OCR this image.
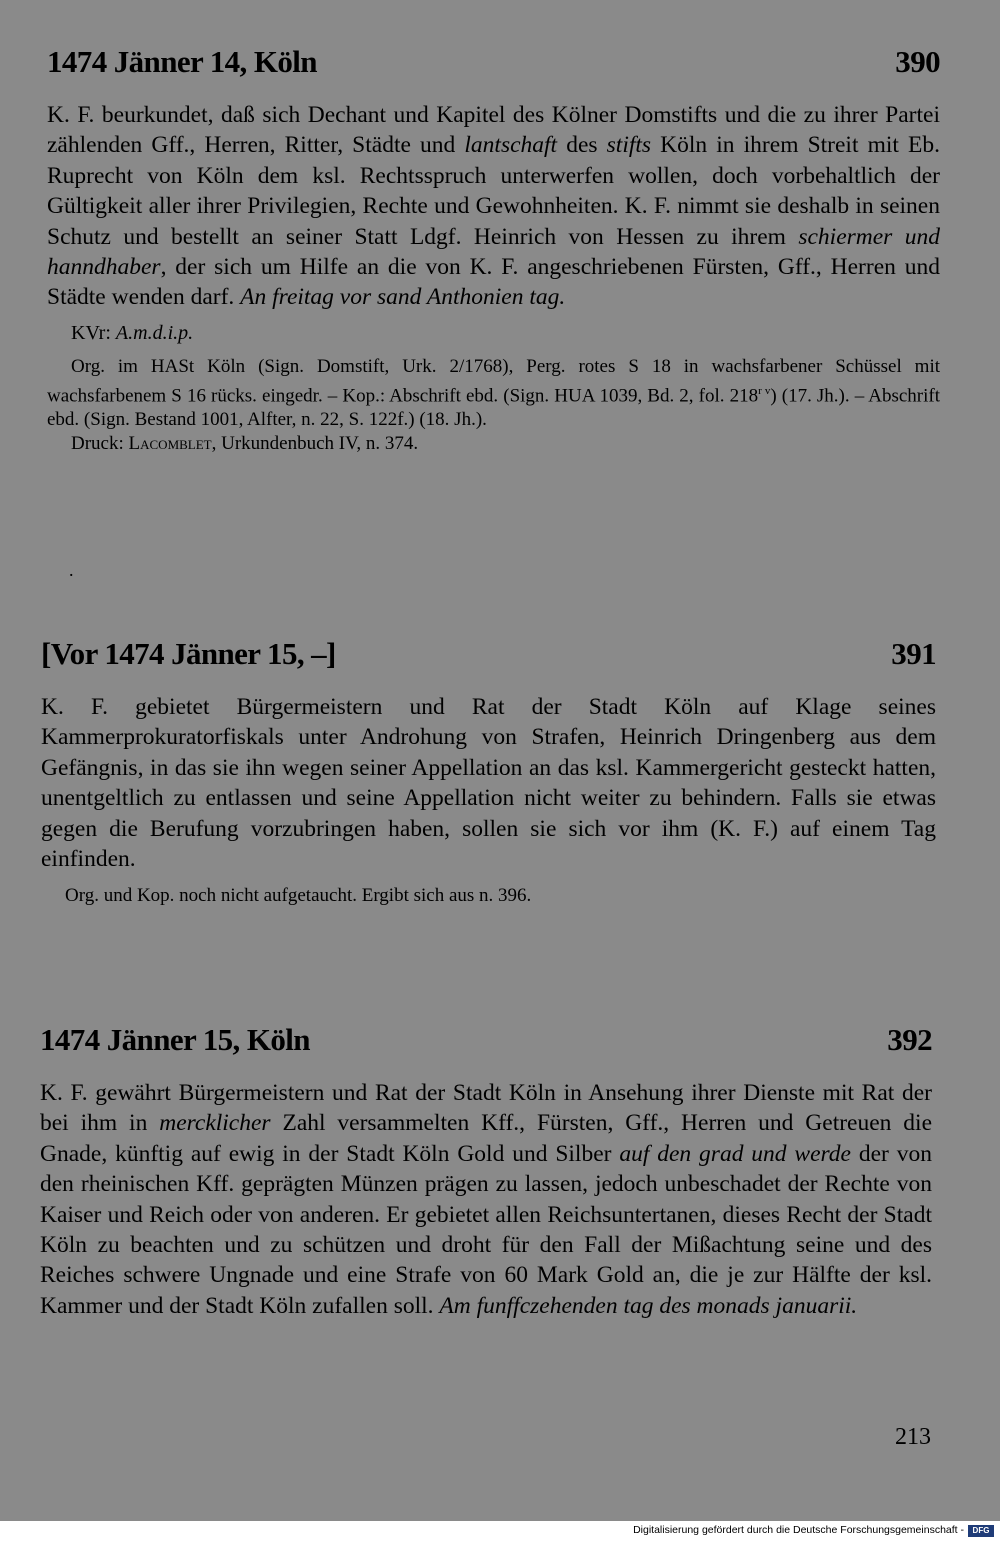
1474 Jänner 14, Köln	390

K. F. beurkundet, daß sich Dechant und Kapitel des Kölner Domstifts und die zu ihrer Partei zählenden Gff., Herren, Ritter, Städte und lantschaft des stifts Köln in ihrem Streit mit Eb. Ruprecht von Köln dem ksl. Rechtsspruch unterwerfen wollen, doch vorbehaltlich der Gültigkeit aller ihrer Privilegien, Rechte und Gewohnheiten. K. F. nimmt sie deshalb in seinen Schutz und bestellt an seiner Statt Ldgf. Heinrich von Hessen zu ihrem schiermer und hanndhaber, der sich um Hilfe an die von K. F. angeschriebenen Fürsten, Gff., Herren und Städte wenden darf. An freitag vor sand Anthonien tag.

KVr: A.m.d.i.p.

Org. im HASt Köln (Sign. Domstift, Urk. 2/1768), Perg. rotes S 18 in wachsfarbener Schüssel mit wachsfarbenem S 16 rücks. eingedr. – Kop.: Abschrift ebd. (Sign. HUA 1039, Bd. 2, fol. $218^{r v}$) (17. Jh.). – Abschrift ebd. (Sign. Bestand 1001, Alfter, n. 22, S. 122f.) (18. Jh.).

Druck: Lacomblet, Urkundenbuch IV, n. 374.

.
[Vor 1474 Jänner 15, –]	391

K. F. gebietet Bürgermeistern und Rat der Stadt Köln auf Klage seines Kammerprokuratorfiskals unter Androhung von Strafen, Heinrich Dringenberg aus dem Gefängnis, in das sie ihn wegen seiner Appellation an das ksl. Kammergericht gesteckt hatten, unentgeltlich zu entlassen und seine Appellation nicht weiter zu behindern. Falls sie etwas gegen die Berufung vorzubringen haben, sollen sie sich vor ihm (K. F.) auf einem Tag einfinden.

Org. und Kop. noch nicht aufgetaucht. Ergibt sich aus n. 396.

1474 Jänner 15, Köln	392

K. F. gewährt Bürgermeistern und Rat der Stadt Köln in Ansehung ihrer Dienste mit Rat der bei ihm in mercklicher Zahl versammelten Kff., Fürsten, Gff., Herren und Getreuen die Gnade, künftig auf ewig in der Stadt Köln Gold und Silber auf den grad und werde der von den rheinischen Kff. geprägten Münzen prägen zu lassen, jedoch unbeschadet der Rechte von Kaiser und Reich oder von anderen. Er gebietet allen Reichsuntertanen, dieses Recht der Stadt Köln zu beachten und zu schützen und droht für den Fall der Mißachtung seine und des Reiches schwere Ungnade und eine Strafe von 60 Mark Gold an, die je zur Hälfte der ksl. Kammer und der Stadt Köln zufallen soll. Am funffczehenden tag des monads januarii.

213
Digitalisierung gefördert durch die Deutsche Forschungsgemeinschaft -	DFG
